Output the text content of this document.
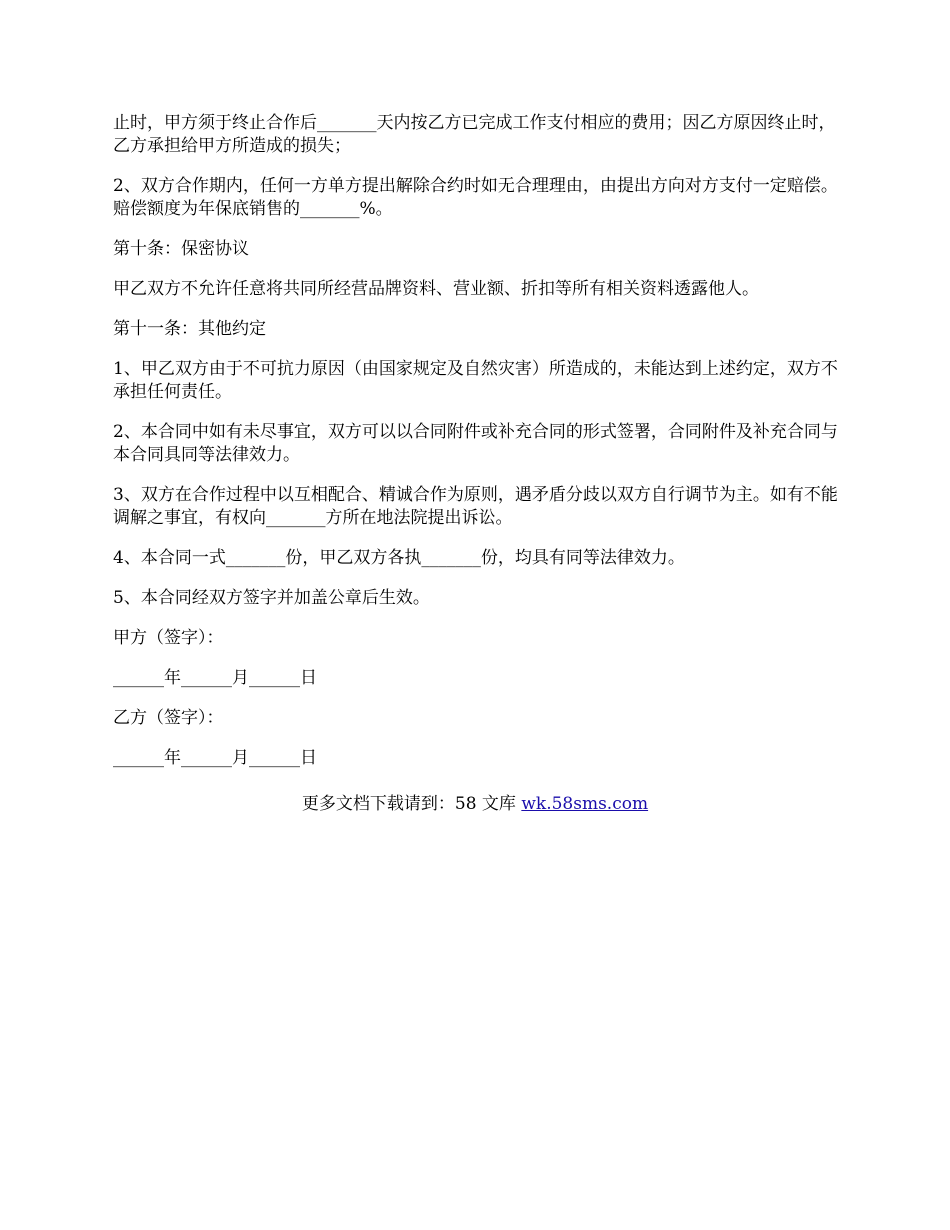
止时，甲方须于终止合作后_______天内按乙方已完成工作支付相应的费用；因乙方原因终止时，乙方承担给甲方所造成的损失；

2、双方合作期内，任何一方单方提出解除合约时如无合理理由，由提出方向对方支付一定赔偿。赔偿额度为年保底销售的_______%。

第十条：保密协议

甲乙双方不允许任意将共同所经营品牌资料、营业额、折扣等所有相关资料透露他人。

第十一条：其他约定

1、甲乙双方由于不可抗力原因（由国家规定及自然灾害）所造成的，未能达到上述约定，双方不承担任何责任。

2、本合同中如有未尽事宜，双方可以以合同附件或补充合同的形式签署，合同附件及补充合同与本合同具同等法律效力。

3、双方在合作过程中以互相配合、精诚合作为原则，遇矛盾分歧以双方自行调节为主。如有不能调解之事宜，有权向_______方所在地法院提出诉讼。

4、本合同一式_______份，甲乙双方各执_______份，均具有同等法律效力。

5、本合同经双方签字并加盖公章后生效。

甲方（签字）：

______年______月______日

乙方（签字）：

______年______月______日

更多文档下载请到：58 文库 wk.58sms.com
